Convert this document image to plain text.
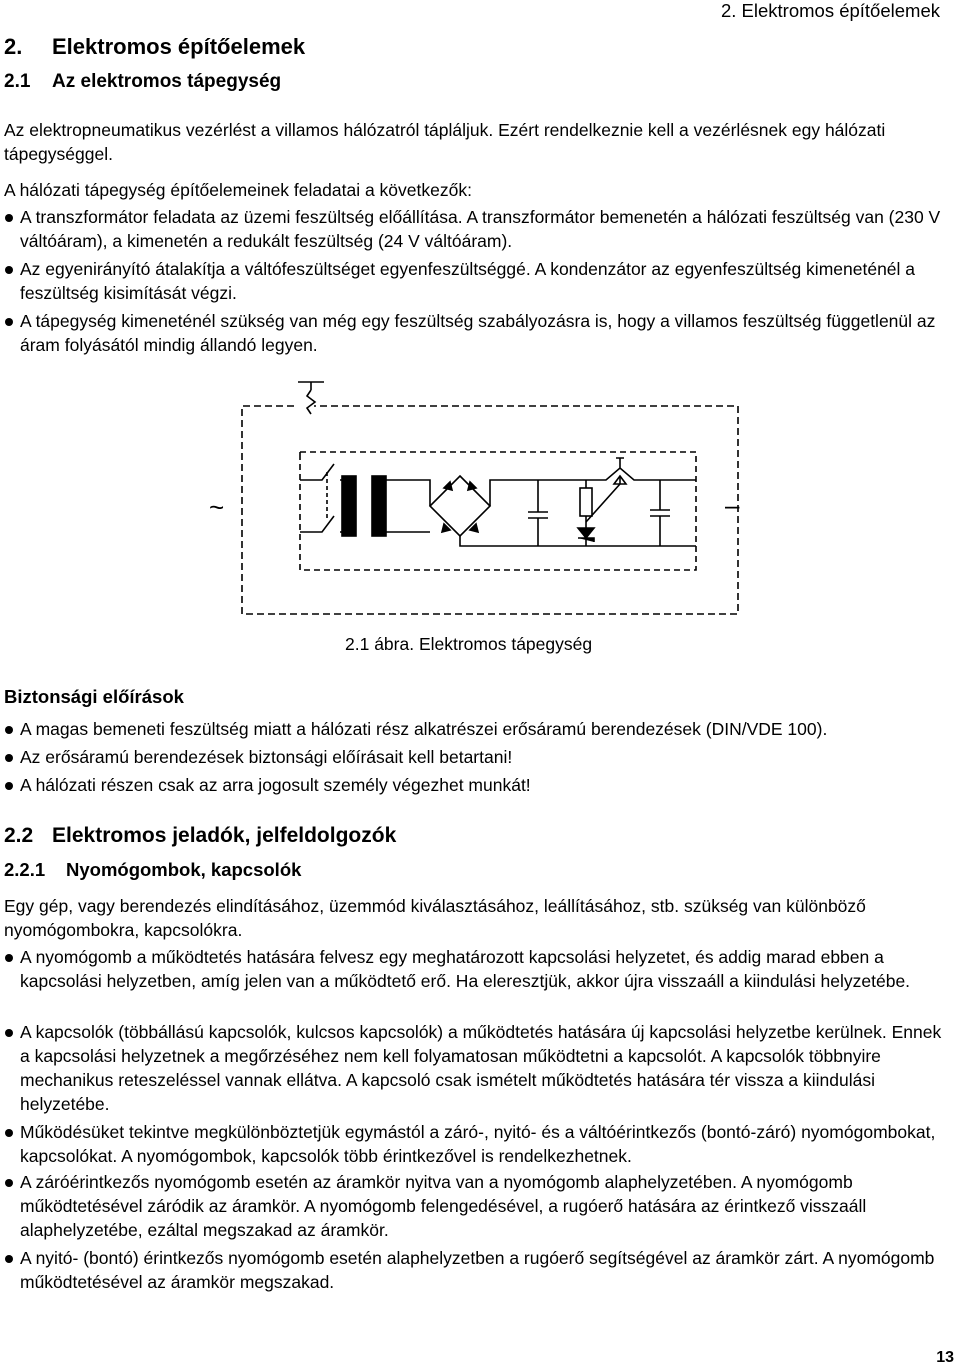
2. Elektromos építőelemek
2. Elektromos építőelemek
2.1 Az elektromos tápegység
Az elektropneumatikus vezérlést a villamos hálózatról tápláljuk. Ezért rendelkeznie kell a vezérlésnek egy hálózati tápegységgel.
A hálózati tápegység építőelemeinek feladatai a következők:
A transzformátor feladata az üzemi feszültség előállítása. A transzformátor bemenetén a hálózati feszültség van (230 V váltóáram), a kimenetén a redukált feszültség (24 V váltóáram).
Az egyenirányító átalakítja a váltófeszültséget egyenfeszültséggé. A kondenzátor az egyenfeszültség kimeneténél a feszültség kisimítását végzi.
A tápegység kimeneténél szükség van még egy feszültség szabályozásra is, hogy a villamos feszültség függetlenül az áram folyásától mindig állandó legyen.
~	–
2.1 ábra. Elektromos tápegység
Biztonsági előírások
A magas bemeneti feszültség miatt a hálózati rész alkatrészei erősáramú berendezések (DIN/VDE 100).
Az erősáramú berendezések biztonsági előírásait kell betartani!
A hálózati részen csak az arra jogosult személy végezhet munkát!
2.2 Elektromos jeladók, jelfeldolgozók
2.2.1 Nyomógombok, kapcsolók
Egy gép, vagy berendezés elindításához, üzemmód kiválasztásához, leállításához, stb. szükség van különböző nyomógombokra, kapcsolókra.
A nyomógomb a működtetés hatására felvesz egy meghatározott kapcsolási helyzetet, és addig marad ebben a kapcsolási helyzetben, amíg jelen van a működtető erő. Ha eleresztjük, akkor újra visszaáll a kiindulási helyzetébe.
A kapcsolók (többállású kapcsolók, kulcsos kapcsolók) a működtetés hatására új kapcsolási helyzetbe kerülnek. Ennek a kapcsolási helyzetnek a megőrzéséhez nem kell folyamatosan működtetni a kapcsolót. A kapcsolók többnyire mechanikus reteszeléssel vannak ellátva. A kapcsoló csak ismételt működtetés hatására tér vissza a kiindulási helyzetébe.
Működésüket tekintve megkülönböztetjük egymástól a záró-, nyitó- és a váltóérintkezős (bontó-záró) nyomógombokat, kapcsolókat. A nyomógombok, kapcsolók több érintkezővel is rendelkezhetnek.
A záróérintkezős nyomógomb esetén az áramkör nyitva van a nyomógomb alaphelyzetében. A nyomógomb működtetésével záródik az áramkör. A nyomógomb felengedésével, a rugóerő hatására az érintkező visszaáll alaphelyzetébe, ezáltal megszakad az áramkör.
A nyitó- (bontó) érintkezős nyomógomb esetén alaphelyzetben a rugóerő segítségével az áramkör zárt. A nyomógomb működtetésével az áramkör megszakad.
13
